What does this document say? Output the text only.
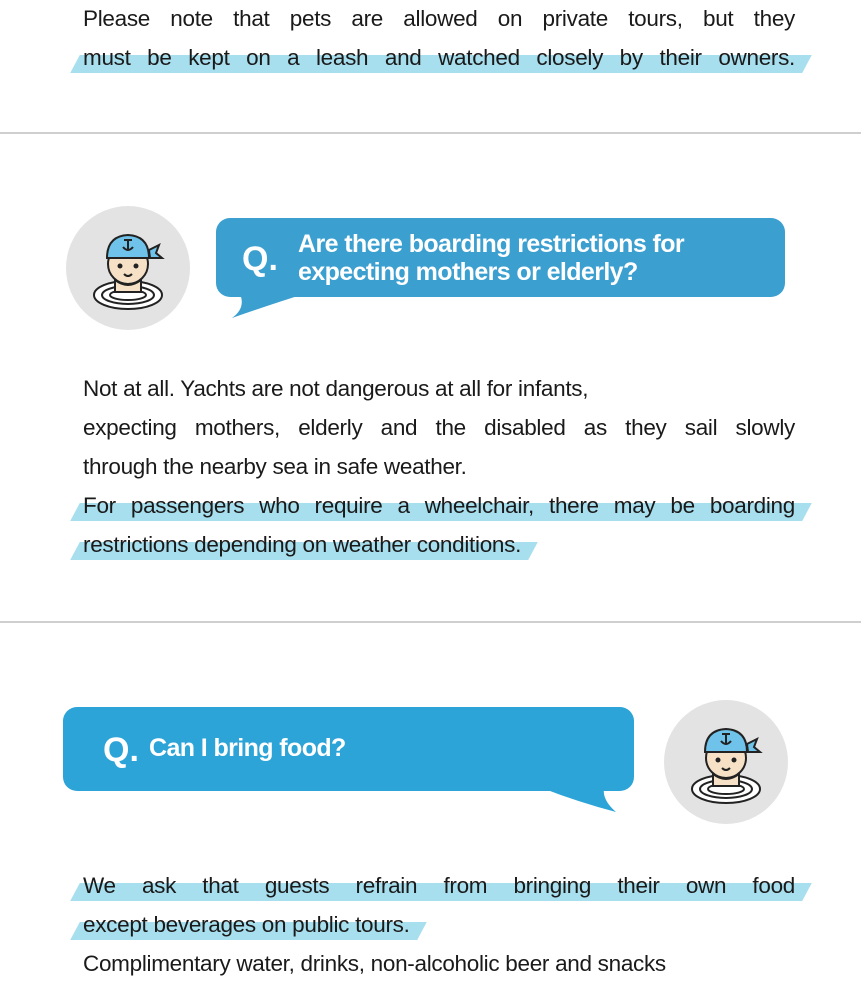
Please note that pets are allowed on private tours, but they
must be kept on a leash and watched closely by their owners.
Q. Are there boarding restrictions for
expecting mothers or elderly?
Not at all. Yachts are not dangerous at all for infants,
expecting mothers, elderly and the disabled as they sail slowly
through the nearby sea in safe weather.
For passengers who require a wheelchair, there may be boarding
restrictions depending on weather conditions.
Q. Can I bring food?
We ask that guests refrain from bringing their own food
except beverages on public tours.
Complimentary water, drinks, non-alcoholic beer and snacks
